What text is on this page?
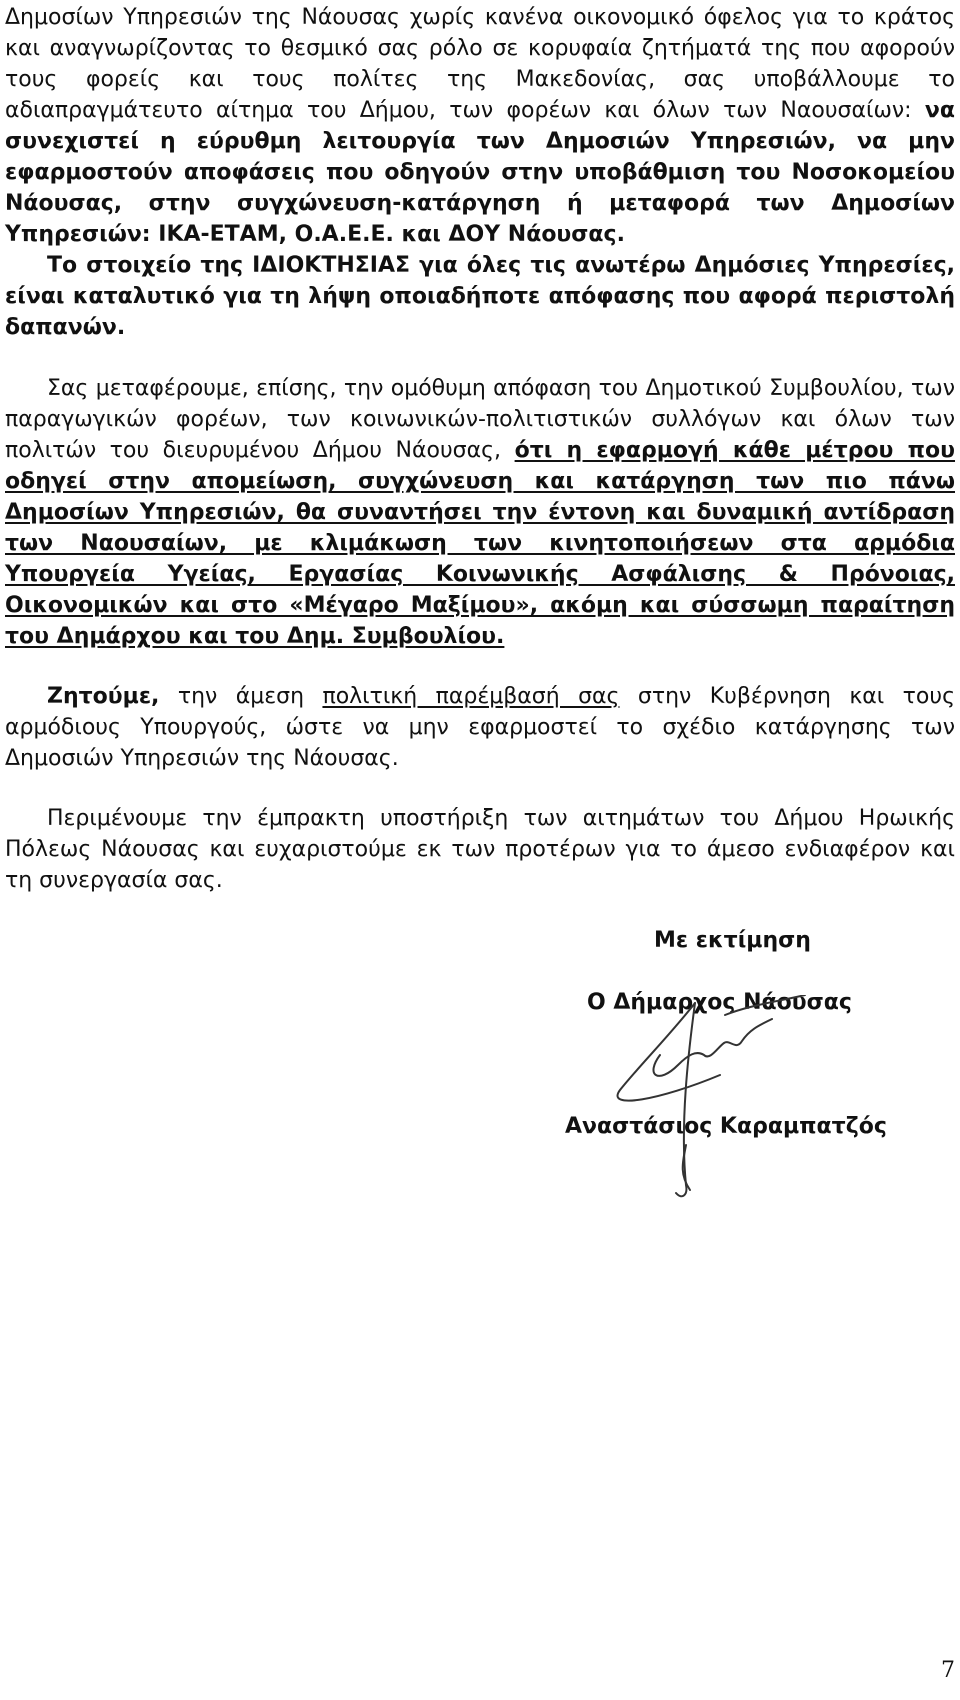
Δημοσίων Υπηρεσιών της Νάουσας χωρίς κανένα οικονομικό όφελος για το κράτος και αναγνωρίζοντας το θεσμικό σας ρόλο σε κορυφαία ζητήματά της που αφορούν τους φορείς και τους πολίτες της Μακεδονίας, σας υποβάλλουμε το αδιαπραγμάτευτο αίτημα του Δήμου, των φορέων και όλων των Ναουσαίων: να συνεχιστεί η εύρυθμη λειτουργία των Δημοσιών Υπηρεσιών, να μην εφαρμοστούν αποφάσεις που οδηγούν στην υποβάθμιση του Νοσοκομείου Νάουσας, στην συγχώνευση-κατάργηση ή μεταφορά των Δημοσίων Υπηρεσιών: ΙΚΑ-ΕΤΑΜ, Ο.Α.Ε.Ε. και ΔΟΥ Νάουσας.
Το στοιχείο της ΙΔΙΟΚΤΗΣΙΑΣ για όλες τις ανωτέρω Δημόσιες Υπηρεσίες, είναι καταλυτικό για τη λήψη οποιαδήποτε απόφασης που αφορά περιστολή δαπανών.
Σας μεταφέρουμε, επίσης, την ομόθυμη απόφαση του Δημοτικού Συμβουλίου, των παραγωγικών φορέων, των κοινωνικών-πολιτιστικών συλλόγων και όλων των πολιτών του διευρυμένου Δήμου Νάουσας, ότι η εφαρμογή κάθε μέτρου που οδηγεί στην απομείωση, συγχώνευση και κατάργηση των πιο πάνω Δημοσίων Υπηρεσιών, θα συναντήσει την έντονη και δυναμική αντίδραση των Ναουσαίων, με κλιμάκωση των κινητοποιήσεων στα αρμόδια Υπουργεία Υγείας, Εργασίας Κοινωνικής Ασφάλισης & Πρόνοιας, Οικονομικών και στο «Μέγαρο Μαξίμου», ακόμη και σύσσωμη παραίτηση του Δημάρχου και του Δημ. Συμβουλίου.
Ζητούμε, την άμεση πολιτική παρέμβασή σας στην Κυβέρνηση και τους αρμόδιους Υπουργούς, ώστε να μην εφαρμοστεί το σχέδιο κατάργησης των Δημοσιών Υπηρεσιών της Νάουσας.
Περιμένουμε την έμπρακτη υποστήριξη των αιτημάτων του Δήμου Ηρωικής Πόλεως Νάουσας και ευχαριστούμε εκ των προτέρων για το άμεσο ενδιαφέρον και τη συνεργασία σας.
Με εκτίμηση
Ο Δήμαρχος Νάουσας
Αναστάσιος Καραμπατζός
7
